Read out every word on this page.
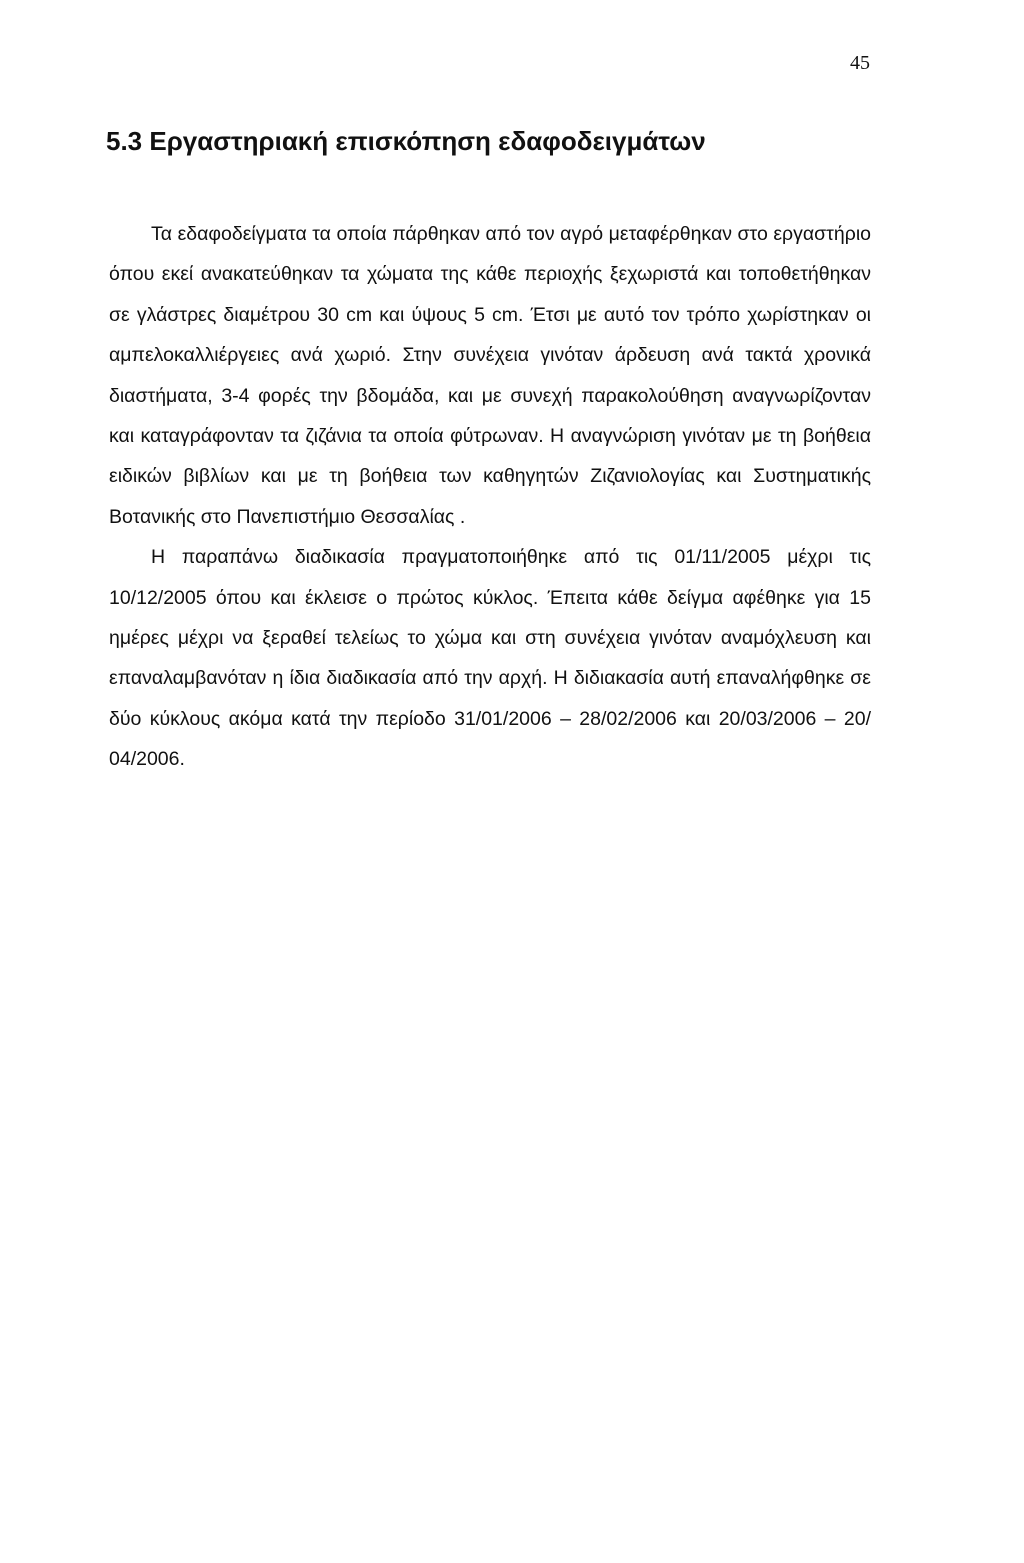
45
5.3 Εργαστηριακή επισκόπηση εδαφοδειγμάτων

Τα εδαφοδείγματα τα οποία πάρθηκαν από τον αγρό μεταφέρθηκαν στο εργαστήριο όπου εκεί ανακατεύθηκαν τα χώματα της κάθε περιοχής ξεχωριστά και τοποθετήθηκαν σε γλάστρες διαμέτρου 30 cm και ύψους 5 cm. Έτσι με αυτό τον τρόπο χωρίστηκαν οι αμπελοκαλλιέργειες ανά χωριό. Στην συνέχεια γινόταν άρδευση ανά τακτά χρονικά διαστήματα, 3-4 φορές την βδομάδα, και με συνεχή παρακολούθηση αναγνωρίζονταν και καταγράφονταν τα ζιζάνια τα οποία φύτρωναν. Η αναγνώριση γινόταν με τη βοήθεια ειδικών βιβλίων και με τη βοήθεια των καθηγητών Ζιζανιολογίας και Συστηματικής Βοτανικής στο Πανεπιστήμιο Θεσσαλίας .

Η παραπάνω διαδικασία πραγματοποιήθηκε από τις 01/11/2005 μέχρι τις 10/12/2005 όπου και έκλεισε ο πρώτος κύκλος. Έπειτα κάθε δείγμα αφέθηκε για 15 ημέρες μέχρι να ξεραθεί τελείως το χώμα και στη συνέχεια γινόταν αναμόχλευση και επαναλαμβανόταν η ίδια διαδικασία από την αρχή. Η διδιακασία αυτή επαναλήφθηκε σε δύο κύκλους ακόμα κατά την περίοδο 31/01/2006 – 28/02/2006 και 20/03/2006 – 20/ 04/2006.
